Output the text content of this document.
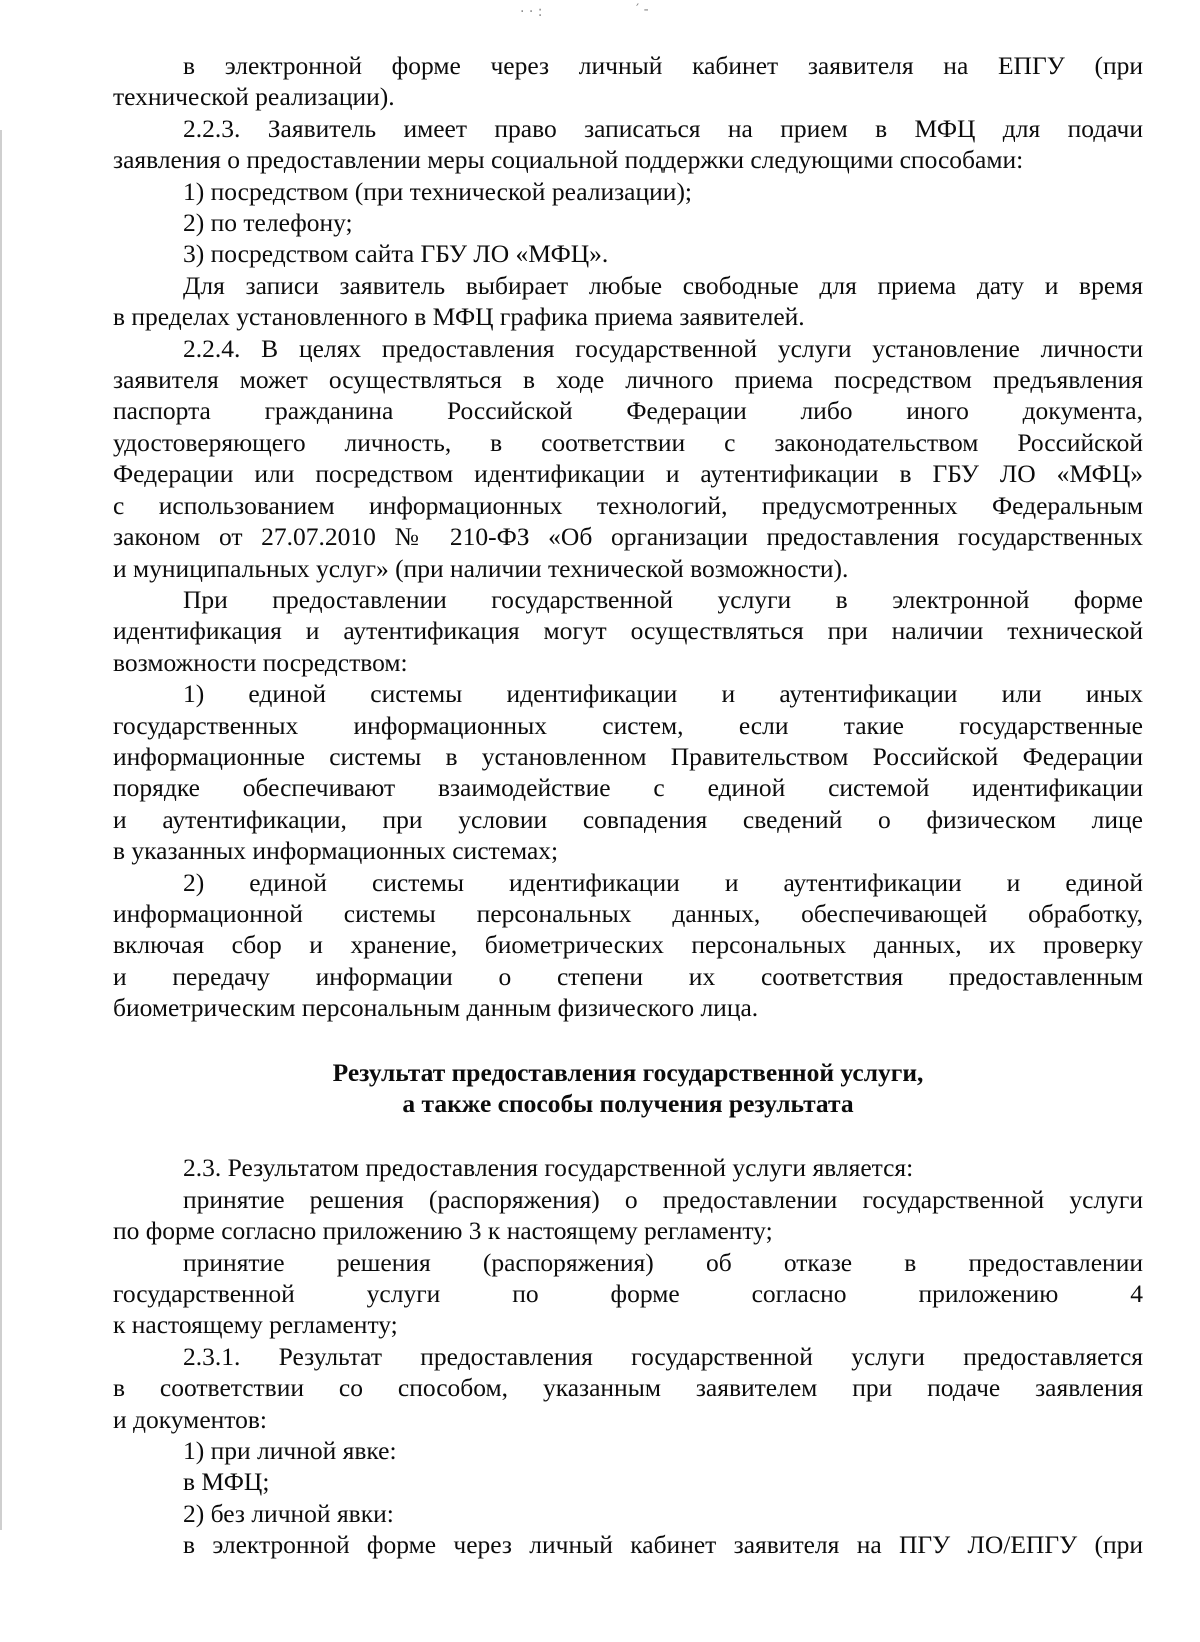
· · :	′ ‐

в электронной форме через личный кабинет заявителя на ЕПГУ (при

технической реализации).

2.2.3. Заявитель имеет право записаться на прием в МФЦ для подачи

заявления о предоставлении меры социальной поддержки следующими способами:

1) посредством (при технической реализации);

2) по телефону;

3) посредством сайта ГБУ ЛО «МФЦ».

Для записи заявитель выбирает любые свободные для приема дату и время

в пределах установленного в МФЦ графика приема заявителей.

2.2.4. В целях предоставления государственной услуги установление личности

заявителя может осуществляться в ходе личного приема посредством предъявления

паспорта гражданина Российской Федерации либо иного документа,

удостоверяющего личность, в соответствии с законодательством Российской

Федерации или посредством идентификации и аутентификации в ГБУ ЛО «МФЦ»

с использованием информационных технологий, предусмотренных Федеральным

законом от 27.07.2010 № 210-ФЗ «Об организации предоставления государственных

и муниципальных услуг» (при наличии технической возможности).

При предоставлении государственной услуги в электронной форме

идентификация и аутентификация могут осуществляться при наличии технической

возможности посредством:

1) единой системы идентификации и аутентификации или иных

государственных информационных систем, если такие государственные

информационные системы в установленном Правительством Российской Федерации

порядке обеспечивают взаимодействие с единой системой идентификации

и аутентификации, при условии совпадения сведений о физическом лице

в указанных информационных системах;

2) единой системы идентификации и аутентификации и единой

информационной системы персональных данных, обеспечивающей обработку,

включая сбор и хранение, биометрических персональных данных, их проверку

и передачу информации о степени их соответствия предоставленным

биометрическим персональным данным физического лица.

Результат предоставления государственной услуги,

а также способы получения результата

2.3. Результатом предоставления государственной услуги является:

принятие решения (распоряжения) о предоставлении государственной услуги

по форме согласно приложению 3 к настоящему регламенту;

принятие решения (распоряжения) об отказе в предоставлении

государственной услуги по форме согласно приложению 4

к настоящему регламенту;

2.3.1. Результат предоставления государственной услуги предоставляется

в соответствии со способом, указанным заявителем при подаче заявления

и документов:

1) при личной явке:

в МФЦ;

2) без личной явки:

в электронной форме через личный кабинет заявителя на ПГУ ЛО/ЕПГУ (при
